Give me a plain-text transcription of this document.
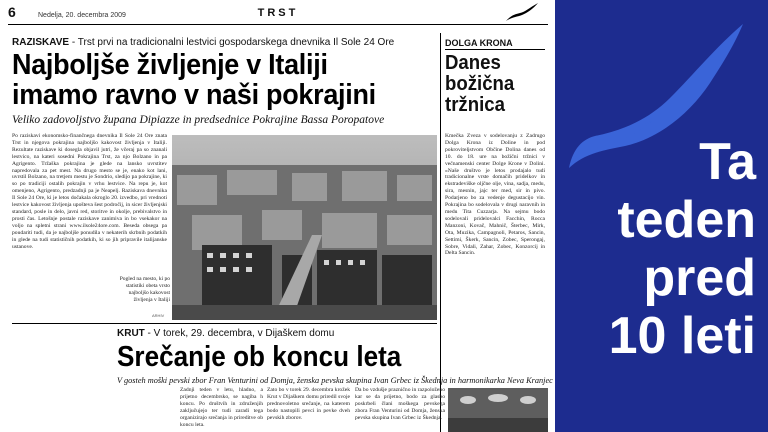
6	Nedelja, 20. decembra 2009	TRST
RAZISKAVE - Trst prvi na tradicionalni lestvici gospodarskega dnevnika Il Sole 24 Ore
Najboljše življenje v Italiji
imamo ravno v naši pokrajini
Veliko zadovoljstvo župana Dipiazze in predsednice Pokrajine Bassa Poropatove
Po raziskavi ekonomsko-finančnega dnevnika Il Sole 24 Ore znata Trst in njegova pokrajina najboljšo kakovost življenja v Italiji. Rezultate raziskave ki dosegla objavil jutri, že včeraj pa so znanali lestvico, na kateri sosedni Pokrajina Trst, za njo Bolzano in pa Agrigento. Tržaška pokrajina je glede na lansko uvrstitev napredovala za pet mest. Na drugo mesto se je, enako kot lani, uvrstil Bolzano, na tretjem mestu je Sondrio, sledijo pa pokrajine, ki so po tradiciji ostalih pokrajin v vrhu lestvice. Na repu je, kot omenjeno, Agrigento, predzadnji pa je Neapelj. Raziskava dnevnika Il Sole 24 Ore, ki je letos dočakala okroglo 20. izvedbo, pri vrednoti lestvice kakovost življenja upošteva šest področij, in sicer življenjski standard, posle in delo, javni red, storitve in okolje, prebivalstvo in prosti čas. Letošnje postale raziskave zanimiva in bo vsekakor na voljo na spletni strani www.ilsole24ore.com. Beseda obsega pa poudariti tudi, da je najboljše ponudila v nekaterih skrbnih podatkih in glede na tudi statističnih podatkih, ki so jih pripravile italijanske ustanove.
Pogled na mesto, ki po statistiki obeta vrsto najboljšo kakovost življenja v Italiji
ARHIV
DOLGA KRONA
Danes božična tržnica
Kmečka Zveza v sodelovanju z Zadrugo Dolga Krona iz Doline in pod pokroviteljstvom Občine Dolina danes od 10. do 18. ure na božični tržnici v večnamenski center Dolge Krone v Dolini. »Naše društvo je letos prodajalo tudi tradicionalne vrste domačih pridelkov in ekstradeviške oljčne olje, vina, sadja, medu, sira, mesnin, jajc ter med, sir in pivo. Podarjeno bo za vedenje degustacijo vin. Pokrajina bo sodelovala v drugi naravnih in medu Tita Cuzzarja. Na sejmu bodo sodelovali pridelovalci Facchin, Rocca Manzoni, Kovač, Mahnič, Šterbec, Mirk, Ota, Muzika, Campagnoli, Petaros, Sancin, Settimi, Škerk, Sancin, Zobec, Sperongaj, Sobre, Vidali, Zahar, Zobec, Konzorcij in Delta Sancin.
KRUT - V torek, 29. decembra, v Dijaškem domu
Srečanje ob koncu leta
V gosteh moški pevski zbor Fran Venturini od Domja, ženska pevska skupina Ivan Grbec iz Škednja in harmonikarka Neva Kranjec
Zadnji teden v letu, hladno, a prijetno decembrsko, se nagiba h koncu. Po društvih in združenjih zaključujejo ter tudi zaradi tega organizirajo srečanja in prireditve ob koncu leta.
Zato bo v torek 29. decembra krožek Krut v Dijaškem domu priredil svoje prednovoletno srečanje, na katerem bodo nastopili pevci in pevke dveh pevskih zborov.
Da bo vzdušje praznično in razpoloženo kar se da prijetno, bodo za glasbo poskrbeli člani moškega pevskega zbora Fran Venturini od Domja, ženska pevska skupina Ivan Grbec iz Škednja.
Ta
teden
pred
10 leti
